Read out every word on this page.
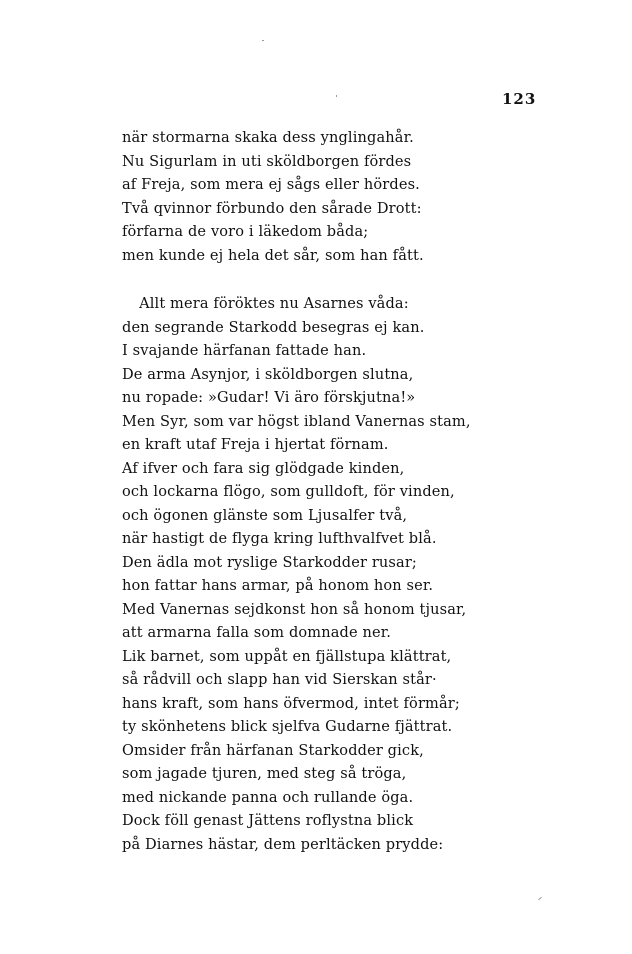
123
när stormarna skaka dess ynglingahår.
Nu Sigurlam in uti sköldborgen fördes
af Freja, som mera ej sågs eller hördes.
Två qvinnor förbundo den sårade Drott:
förfarna de voro i läkedom båda;
men kunde ej hela det sår, som han fått.
Allt mera föröktes nu Asarnes våda:
den segrande Starkodd besegras ej kan.
I svajande härfanan fattade han.
De arma Asynjor, i sköldborgen slutna,
nu ropade: »Gudar! Vi äro förskjutna!»
Men Syr, som var högst ibland Vanernas stam,
en kraft utaf Freja i hjertat förnam.
Af ifver och fara sig glödgade kinden,
och lockarna flögo, som gulldoft, för vinden,
och ögonen glänste som Ljusalfer två,
när hastigt de flyga kring lufthvalfvet blå.
Den ädla mot ryslige Starkodder rusar;
hon fattar hans armar, på honom hon ser.
Med Vanernas sejdkonst hon så honom tjusar,
att armarna falla som domnade ner.
Lik barnet, som uppåt en fjällstupa klättrat,
så rådvill och slapp han vid Sierskan står·
hans kraft, som hans öfvermod, intet förmår;
ty skönhetens blick sjelfva Gudarne fjättrat.
Omsider från härfanan Starkodder gick,
som jagade tjuren, med steg så tröga,
med nickande panna och rullande öga.
Dock föll genast Jättens roflystna blick
på Diarnes hästar, dem perltäcken prydde:
